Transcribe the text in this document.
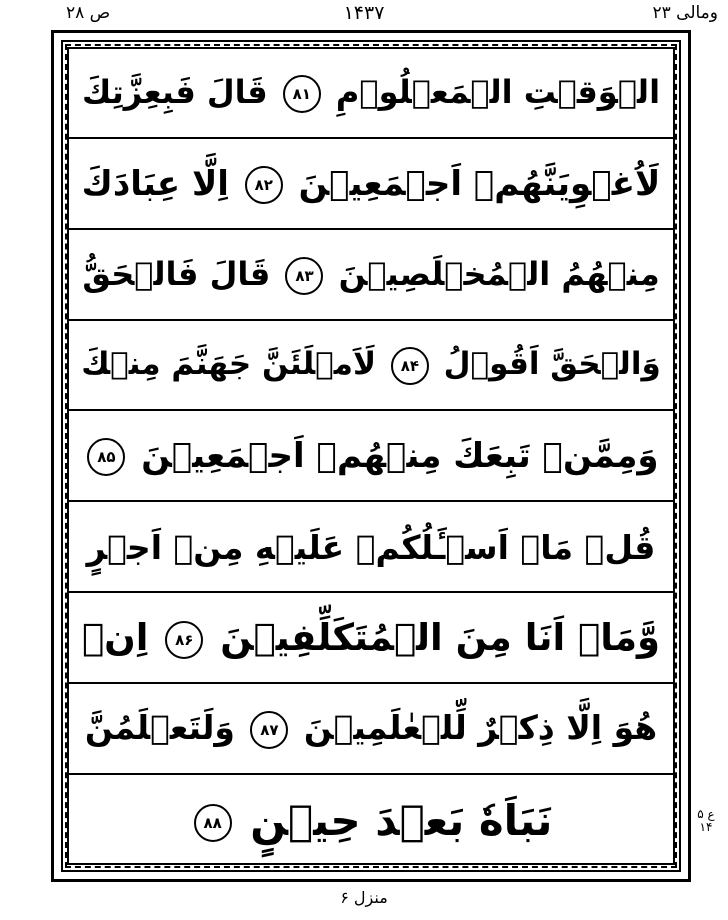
ص ۲۸	۱۴۳۷	ومالی ۲۳
الۡوَقۡتِ الۡمَعۡلُوۡمِ ۸۱ قَالَ فَبِعِزَّتِكَ
لَاُغۡوِيَنَّهُمۡ اَجۡمَعِيۡنَ ۸۲ اِلَّا عِبَادَكَ
مِنۡهُمُ الۡمُخۡلَصِيۡنَ ۸۳ قَالَ فَالۡحَقُّ
وَالۡحَقَّ اَقُوۡلُ ۸۴ لَاَمۡلَئَنَّ جَهَنَّمَ مِنۡكَ
وَمِمَّنۡ تَبِعَكَ مِنۡهُمۡ اَجۡمَعِيۡنَ ۸۵
قُلۡ مَاۤ اَسۡـَٔلُكُمۡ عَلَيۡهِ مِنۡ اَجۡرٍ
وَّمَاۤ اَنَا مِنَ الۡمُتَكَلِّفِيۡنَ ۸۶ اِنۡ
هُوَ اِلَّا ذِكۡرٌ لِّلۡعٰلَمِيۡنَ ۸۷ وَلَتَعۡلَمُنَّ
نَبَاَهٗ بَعۡدَ حِيۡنٍ ۸۸
ع ۵ ۱۴
منزل ۶
